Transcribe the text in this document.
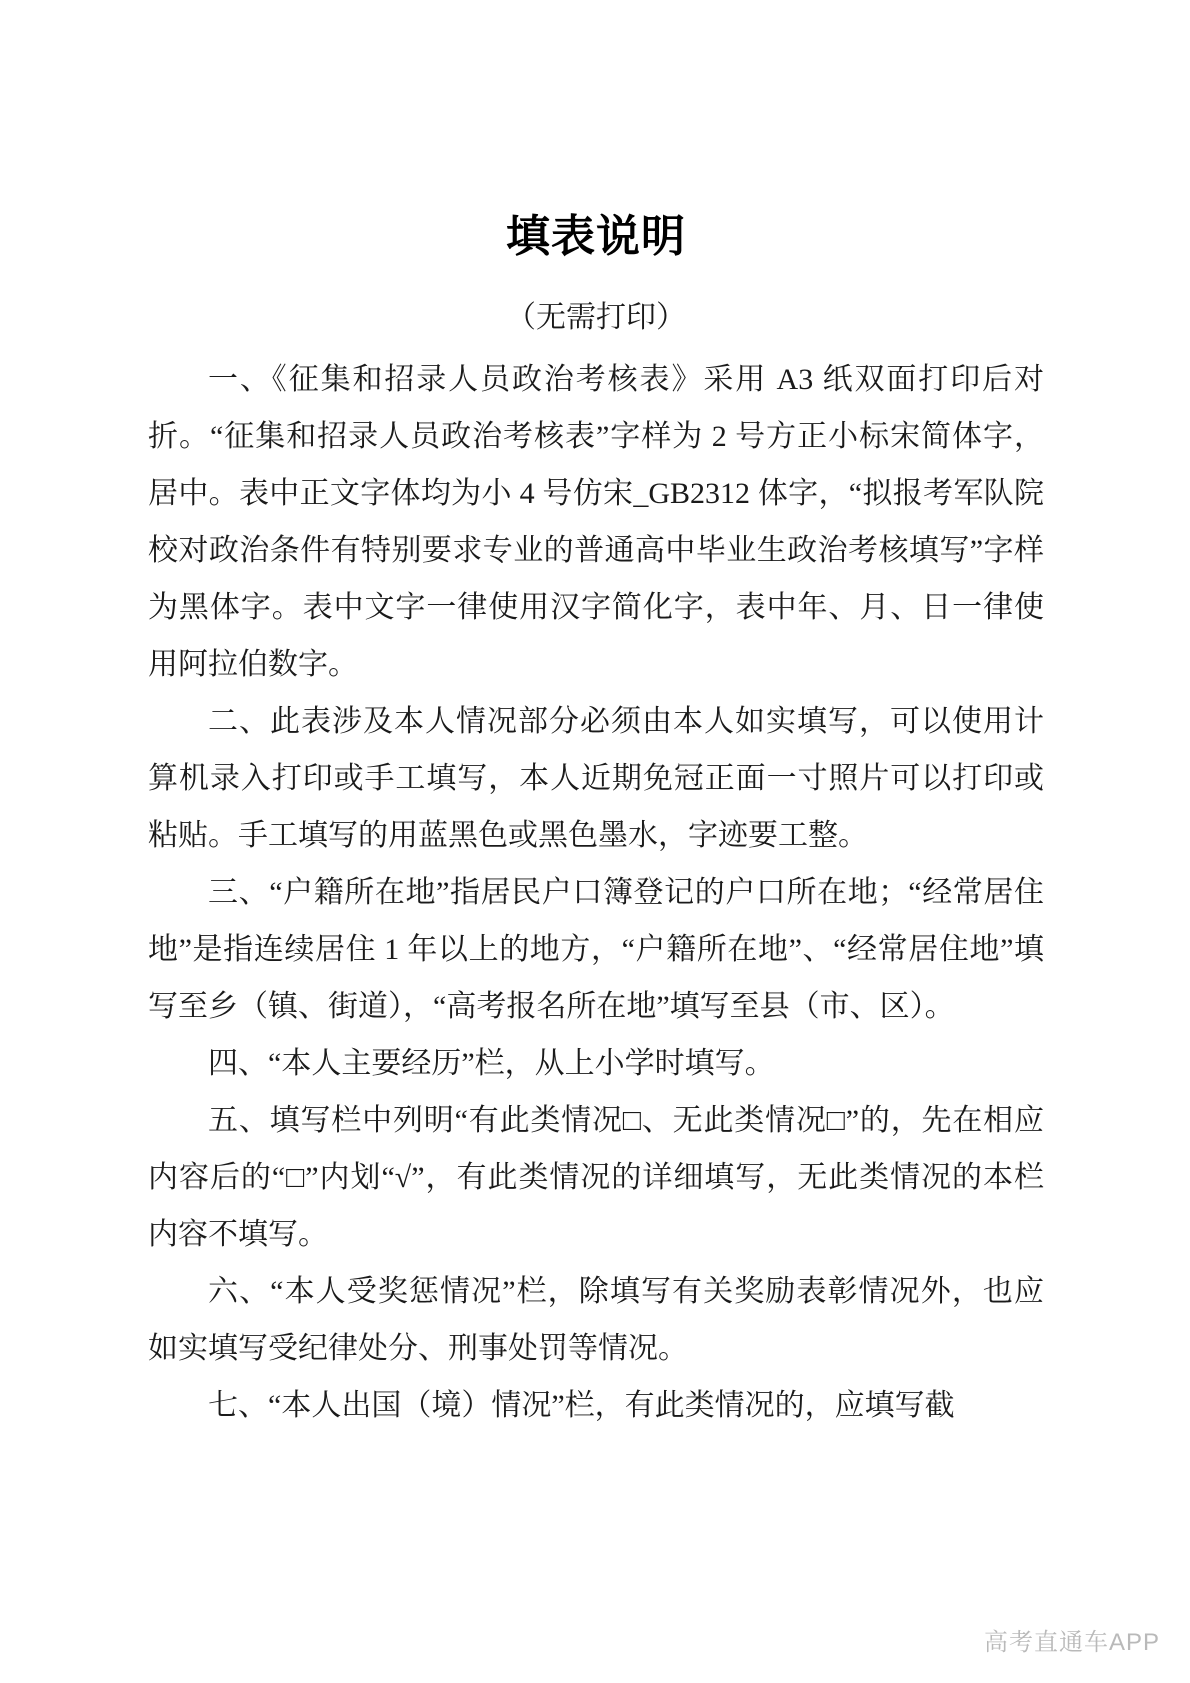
填表说明
（无需打印）

一、《征集和招录人员政治考核表》采用 A3 纸双面打印后对折。“征集和招录人员政治考核表”字样为 2 号方正小标宋简体字，居中。表中正文字体均为小 4 号仿宋_GB2312 体字，“拟报考军队院校对政治条件有特别要求专业的普通高中毕业生政治考核填写”字样为黑体字。表中文字一律使用汉字简化字，表中年、月、日一律使用阿拉伯数字。

二、此表涉及本人情况部分必须由本人如实填写，可以使用计算机录入打印或手工填写，本人近期免冠正面一寸照片可以打印或粘贴。手工填写的用蓝黑色或黑色墨水，字迹要工整。

三、“户籍所在地”指居民户口簿登记的户口所在地；“经常居住地”是指连续居住 1 年以上的地方，“户籍所在地”、“经常居住地”填写至乡（镇、街道），“高考报名所在地”填写至县（市、区）。

四、“本人主要经历”栏，从上小学时填写。

五、填写栏中列明“有此类情况□、无此类情况□”的，先在相应内容后的“□”内划“√”，有此类情况的详细填写，无此类情况的本栏内容不填写。

六、“本人受奖惩情况”栏，除填写有关奖励表彰情况外，也应如实填写受纪律处分、刑事处罚等情况。

七、“本人出国（境）情况”栏，有此类情况的，应填写截

高考直通车APP
